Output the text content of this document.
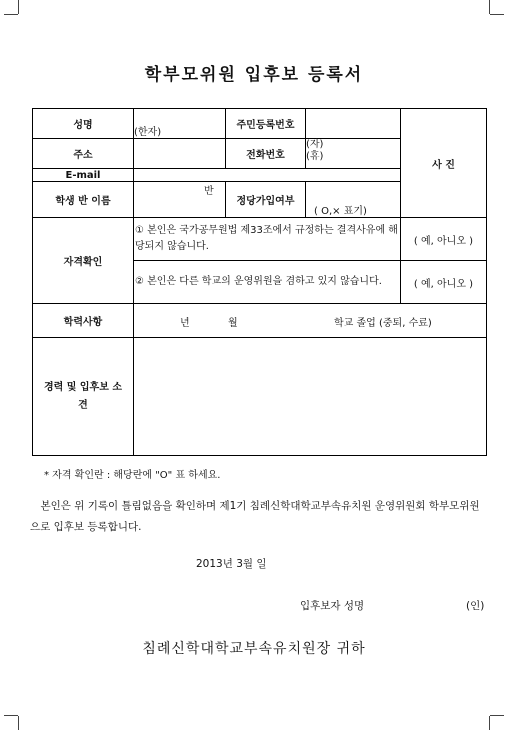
학부모위원 입후보 등록서
성명	(한자)	주민등록번호		사 진
주소		전화번호	(자)
(휴)	

E-mail				
학생 반 이름	반	정당가입여부	( O,× 표기)	

자격확인	① 본인은 국가공무원법 제33조에서 규정하는 결격사유에 해당되지 않습니다.			( 예, 아니오 )
	② 본인은 다른 학교의 운영위원을 겸하고 있지 않습니다.			( 예, 아니오 )
학력사항	년 월 학교 졸업 (중퇴, 수료)			

경력 및 입후보 소견				
* 자격 확인란 : 해당란에 "O" 표 하세요.
　본인은 위 기록이 틀림없음을 확인하며 제1기 침례신학대학교부속유치원 운영위원회 학부모위원으로 입후보 등록합니다.
2013년 3월 일
입후보자 성명	(인)
침례신학대학교부속유치원장 귀하
